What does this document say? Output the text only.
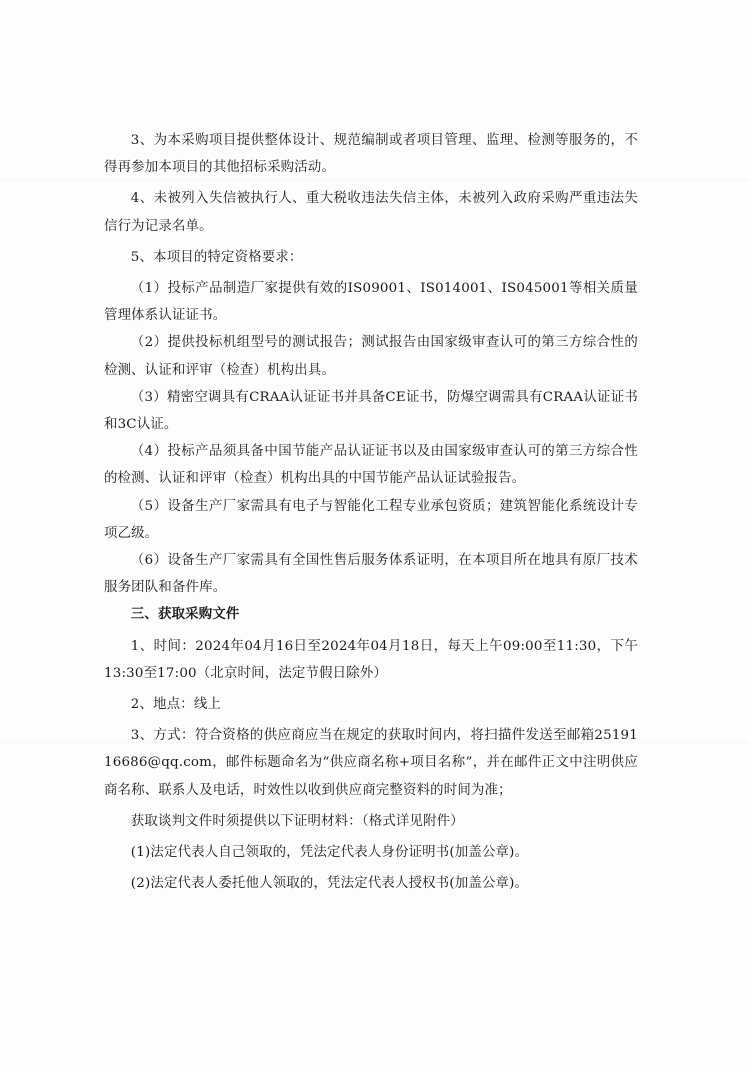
3、为本采购项目提供整体设计、规范编制或者项目管理、监理、检测等服务的，不得再参加本项目的其他招标采购活动。

4、未被列入失信被执行人、重大税收违法失信主体，未被列入政府采购严重违法失信行为记录名单。

5、本项目的特定资格要求：

（1）投标产品制造厂家提供有效的IS09001、IS014001、IS045001等相关质量管理体系认证证书。

（2）提供投标机组型号的测试报告；测试报告由国家级审查认可的第三方综合性的检测、认证和评审（检查）机构出具。

（3）精密空调具有CRAA认证证书并具备CE证书，防爆空调需具有CRAA认证证书和3C认证。

（4）投标产品须具备中国节能产品认证证书以及由国家级审查认可的第三方综合性的检测、认证和评审（检查）机构出具的中国节能产品认证试验报告。

（5）设备生产厂家需具有电子与智能化工程专业承包资质；建筑智能化系统设计专项乙级。

（6）设备生产厂家需具有全国性售后服务体系证明，在本项目所在地具有原厂技术服务团队和备件库。

三、获取采购文件

1、时间：2024年04月16日至2024年04月18日，每天上午09:00至11:30，下午13:30至17:00（北京时间，法定节假日除外）

2、地点：线上

3、方式：符合资格的供应商应当在规定的获取时间内，将扫描件发送至邮箱2519116686@qq.com，邮件标题命名为“供应商名称+项目名称”，并在邮件正文中注明供应商名称、联系人及电话，时效性以收到供应商完整资料的时间为准；

获取谈判文件时须提供以下证明材料：（格式详见附件）

(1)法定代表人自己领取的，凭法定代表人身份证明书(加盖公章)。

(2)法定代表人委托他人领取的，凭法定代表人授权书(加盖公章)。
